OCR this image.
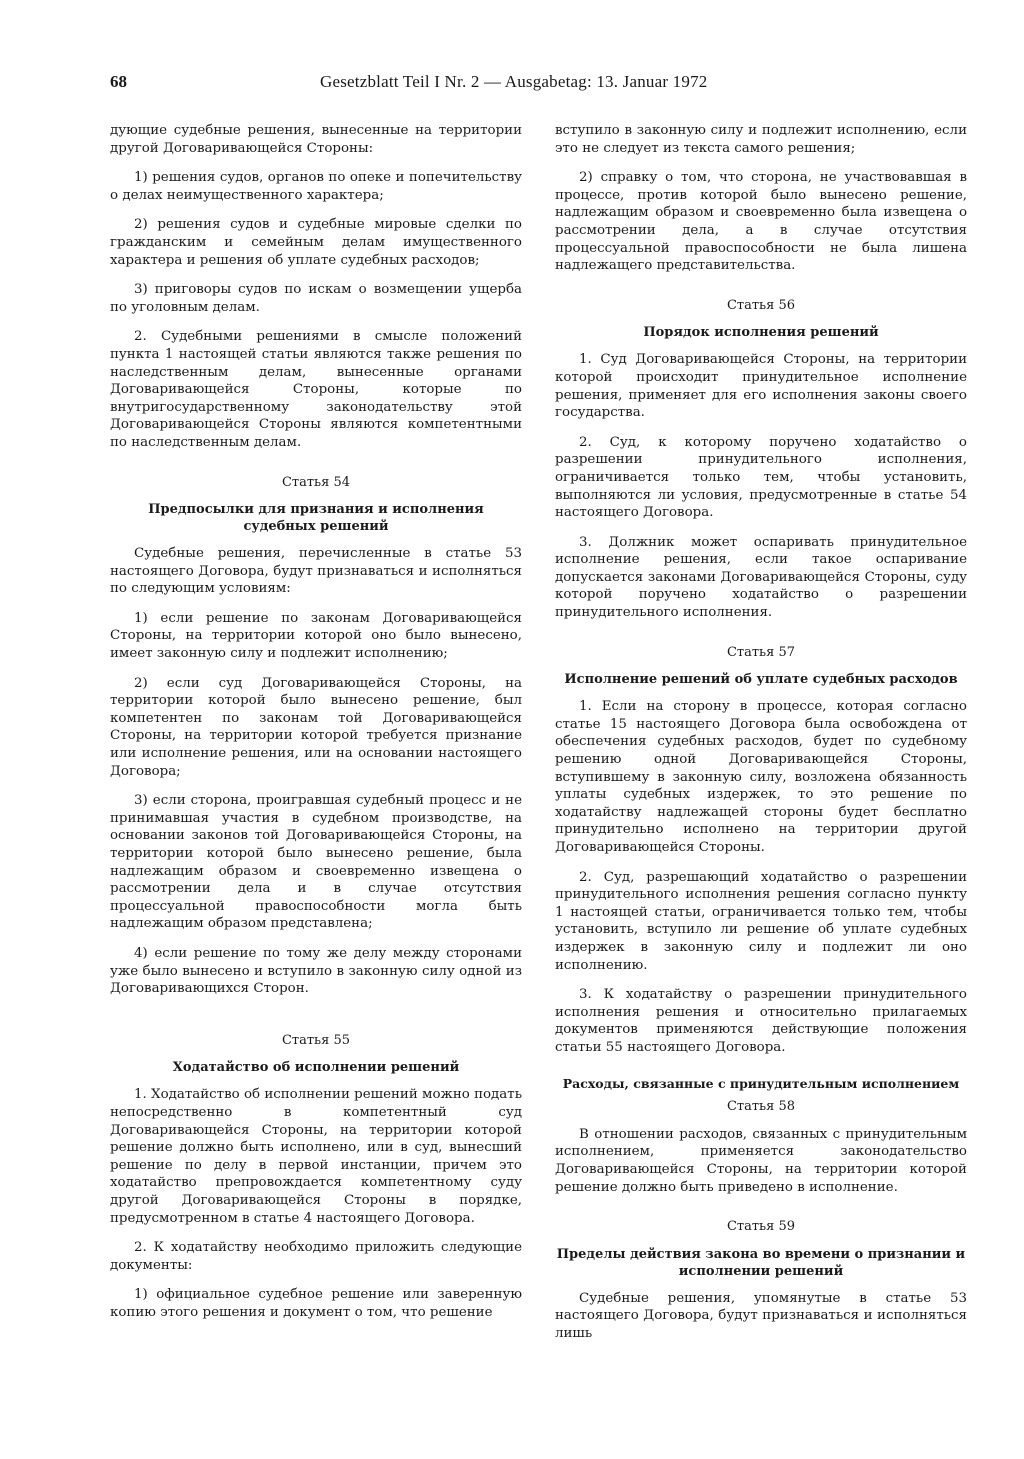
68	Gesetzblatt Teil I Nr. 2 — Ausgabetag: 13. Januar 1972

дующие судебные решения, вынесенные на территории другой Договаривающейся Стороны:

1) решения судов, органов по опеке и попечительству о делах неимущественного характера;

2) решения судов и судебные мировые сделки по гражданским и семейным делам имущественного характера и решения об уплате судебных расходов;

3) приговоры судов по искам о возмещении ущерба по уголовным делам.

2. Судебными решениями в смысле положений пункта 1 настоящей статьи являются также решения по наследственным делам, вынесенные органами Договаривающейся Стороны, которые по внутригосударственному законодательству этой Договаривающейся Стороны являются компетентными по наследственным делам.

Статья 54
Предпосылки для признания и исполнения судебных решений

Судебные решения, перечисленные в статье 53 настоящего Договора, будут признаваться и исполняться по следующим условиям:

1) если решение по законам Договаривающейся Стороны, на территории которой оно было вынесено, имеет законную силу и подлежит исполнению;

2) если суд Договаривающейся Стороны, на территории которой было вынесено решение, был компетентен по законам той Договаривающейся Стороны, на территории которой требуется признание или исполнение решения, или на основании настоящего Договора;

3) если сторона, проигравшая судебный процесс и не принимавшая участия в судебном производстве, на основании законов той Договаривающейся Стороны, на территории которой было вынесено решение, была надлежащим образом и своевременно извещена о рассмотрении дела и в случае отсутствия процессуальной правоспособности могла быть надлежащим образом представлена;

4) если решение по тому же делу между сторонами уже было вынесено и вступило в законную силу одной из Договаривающихся Сторон.

Статья 55
Ходатайство об исполнении решений

1. Ходатайство об исполнении решений можно подать непосредственно в компетентный суд Договаривающейся Стороны, на территории которой решение должно быть исполнено, или в суд, вынесший решение по делу в первой инстанции, причем это ходатайство препровождается компетентному суду другой Договаривающейся Стороны в порядке, предусмотренном в статье 4 настоящего Договора.

2. К ходатайству необходимо приложить следующие документы:

1) официальное судебное решение или заверенную копию этого решения и документ о том, что решение

вступило в законную силу и подлежит исполнению, если это не следует из текста самого решения;

2) справку о том, что сторона, не участвовавшая в процессе, против которой было вынесено решение, надлежащим образом и своевременно была извещена о рассмотрении дела, а в случае отсутствия процессуальной правоспособности не была лишена надлежащего представительства.

Статья 56
Порядок исполнения решений

1. Суд Договаривающейся Стороны, на территории которой происходит принудительное исполнение решения, применяет для его исполнения законы своего государства.

2. Суд, к которому поручено ходатайство о разрешении принудительного исполнения, ограничивается только тем, чтобы установить, выполняются ли условия, предусмотренные в статье 54 настоящего Договора.

3. Должник может оспаривать принудительное исполнение решения, если такое оспаривание допускается законами Договаривающейся Стороны, суду которой поручено ходатайство о разрешении принудительного исполнения.

Статья 57
Исполнение решений об уплате судебных расходов

1. Если на сторону в процессе, которая согласно статье 15 настоящего Договора была освобождена от обеспечения судебных расходов, будет по судебному решению одной Договаривающейся Стороны, вступившему в законную силу, возложена обязанность уплаты судебных издержек, то это решение по ходатайству надлежащей стороны будет бесплатно принудительно исполнено на территории другой Договаривающейся Стороны.

2. Суд, разрешающий ходатайство о разрешении принудительного исполнения решения согласно пункту 1 настоящей статьи, ограничивается только тем, чтобы установить, вступило ли решение об уплате судебных издержек в законную силу и подлежит ли оно исполнению.

3. К ходатайству о разрешении принудительного исполнения решения и относительно прилагаемых документов применяются действующие положения статьи 55 настоящего Договора.

Расходы, связанные с принудительным исполнением
Статья 58

В отношении расходов, связанных с принудительным исполнением, применяется законодательство Договаривающейся Стороны, на территории которой решение должно быть приведено в исполнение.

Статья 59
Пределы действия закона во времени о признании и исполнении решений

Судебные решения, упомянутые в статье 53 настоящего Договора, будут признаваться и исполняться лишь
